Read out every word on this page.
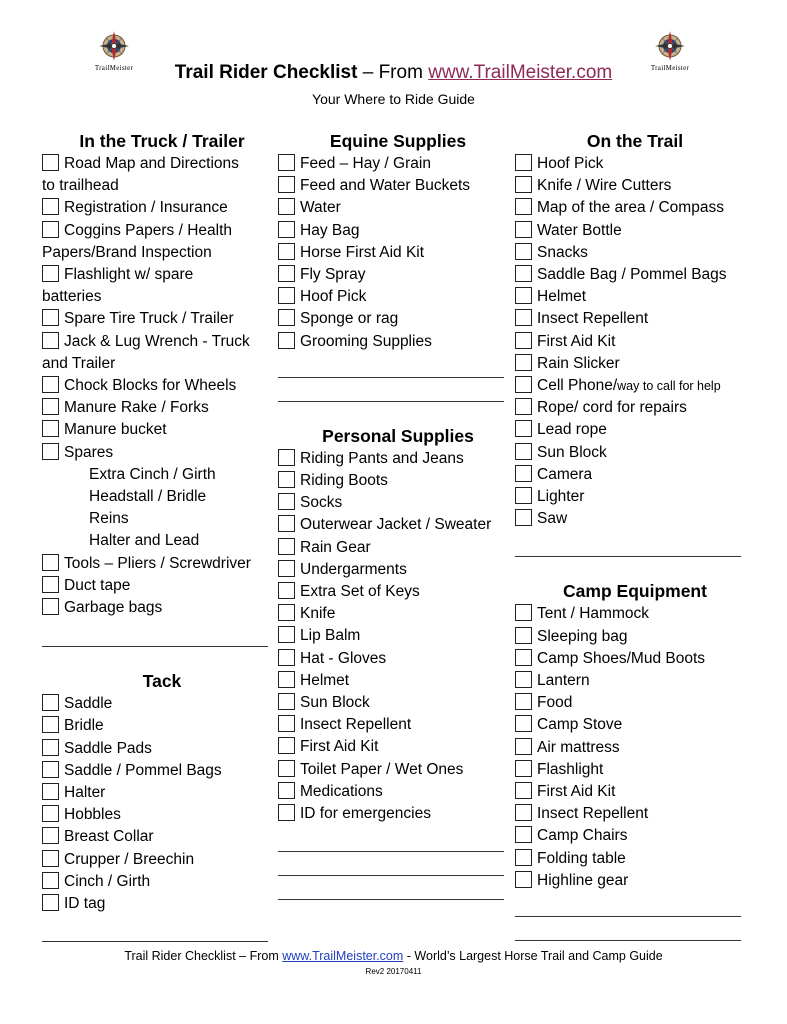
TrailMeister	TrailMeister
Trail Rider Checklist – From www.TrailMeister.com
Your Where to Ride Guide
In the Truck / Trailer
Road Map and Directions
to trailhead
Registration / Insurance
Coggins Papers / Health
Papers/Brand Inspection
Flashlight w/ spare
batteries
Spare Tire Truck / Trailer
Jack & Lug Wrench - Truck
and Trailer
Chock Blocks for Wheels
Manure Rake / Forks
Manure bucket
Spares
Extra Cinch / Girth
Headstall / Bridle
Reins
Halter and Lead
Tools – Pliers / Screwdriver
Duct tape
Garbage bags
Tack
Saddle
Bridle
Saddle Pads
Saddle / Pommel Bags
Halter
Hobbles
Breast Collar
Crupper / Breechin
Cinch / Girth
ID tag
Equine Supplies
Feed – Hay / Grain
Feed and Water Buckets
Water
Hay Bag
Horse First Aid Kit
Fly Spray
Hoof Pick
Sponge or rag
Grooming Supplies
Personal Supplies
Riding Pants and Jeans
Riding Boots
Socks
Outerwear Jacket / Sweater
Rain Gear
Undergarments
Extra Set of Keys
Knife
Lip Balm
Hat - Gloves
Helmet
Sun Block
Insect Repellent
First Aid Kit
Toilet Paper / Wet Ones
Medications
ID for emergencies
On the Trail
Hoof Pick
Knife / Wire Cutters
Map of the area / Compass
Water Bottle
Snacks
Saddle Bag / Pommel Bags
Helmet
Insect Repellent
First Aid Kit
Rain Slicker
Cell Phone/way to call for help
Rope/ cord for repairs
Lead rope
Sun Block
Camera
Lighter
Saw
Camp Equipment
Tent / Hammock
Sleeping bag
Camp Shoes/Mud Boots
Lantern
Food
Camp Stove
Air mattress
Flashlight
First Aid Kit
Insect Repellent
Camp Chairs
Folding table
Highline gear
Trail Rider Checklist – From www.TrailMeister.com - World’s Largest Horse Trail and Camp Guide
Rev2 20170411
